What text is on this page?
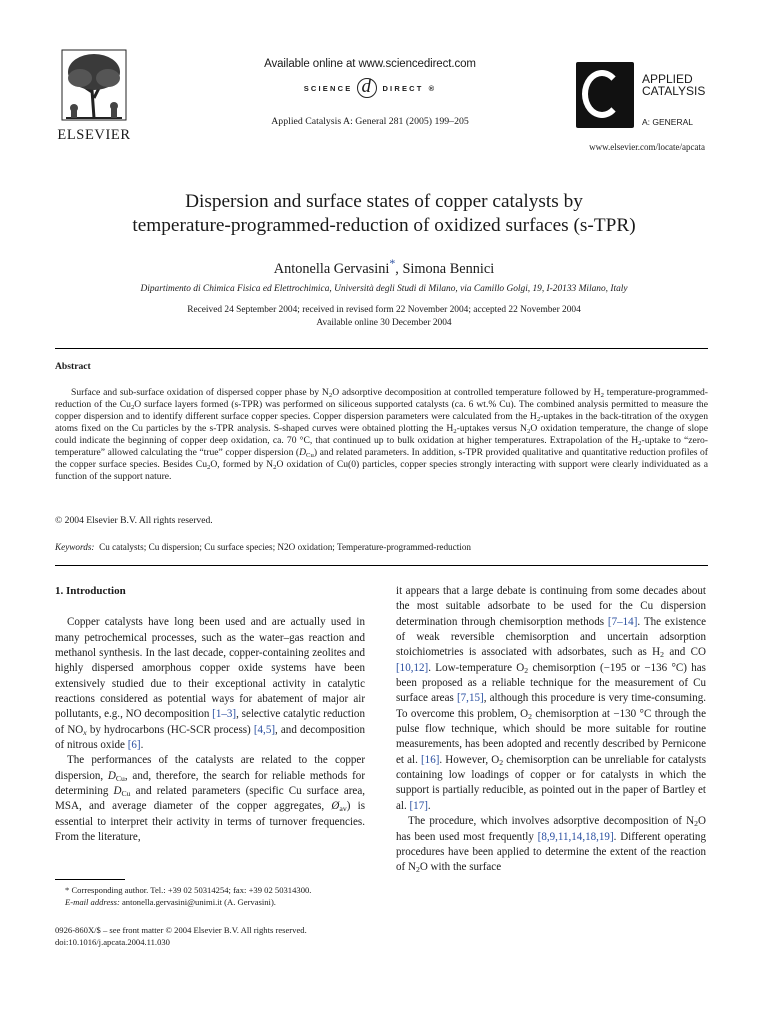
ELSEVIER
Available online at www.sciencedirect.com
SCIENCE
d	DIRECT ®
Applied Catalysis A: General 281 (2005) 199–205
APPLIED
CATALYSIS
A: GENERAL
www.elsevier.com/locate/apcata
Dispersion and surface states of copper catalysts by
temperature-programmed-reduction of oxidized surfaces (s-TPR)
Antonella Gervasini*, Simona Bennici
Dipartimento di Chimica Fisica ed Elettrochimica, Università degli Studi di Milano, via Camillo Golgi, 19, I-20133 Milano, Italy
Received 24 September 2004; received in revised form 22 November 2004; accepted 22 November 2004
Available online 30 December 2004
Abstract

Surface and sub-surface oxidation of dispersed copper phase by $N_2O$ adsorptive decomposition at controlled temperature followed by $H_2$ temperature-programmed-reduction of the $Cu_2O$ surface layers formed (s-TPR) was performed on siliceous supported catalysts (ca. 6 wt.% Cu). The combined analysis permitted to measure the copper dispersion and to identify different surface copper species. Copper dispersion parameters were calculated from the $H_2$-uptakes in the back-titration of the oxygen atoms fixed on the Cu particles by the s-TPR analysis. S-shaped curves were obtained plotting the $H_2$-uptakes versus $N_2O$ oxidation temperature, the change of slope could indicate the beginning of copper deep oxidation, ca. 70 °C, that continued up to bulk oxidation at higher temperatures. Extrapolation of the $H_2$-uptake to “zero-temperature” allowed calculating the “true” copper dispersion $(D_{Cu})$ and related parameters. In addition, s-TPR provided qualitative and quantitative reduction profiles of the copper surface species. Besides $Cu_2O$, formed by $N_2O$ oxidation of Cu(0) particles, copper species strongly interacting with support were clearly individuated as a function of the support nature.

© 2004 Elsevier B.V. All rights reserved.
Keywords: Cu catalysts; Cu dispersion; Cu surface species; N2O oxidation; Temperature-programmed-reduction
1. Introduction

Copper catalysts have long been used and are actually used in many petrochemical processes, such as the water–gas reaction and methanol synthesis. In the last decade, copper-containing zeolites and highly dispersed amorphous copper oxide systems have been extensively studied due to their exceptional activity in catalytic reactions considered as potential ways for abatement of major air pollutants, e.g., NO decomposition [1–3], selective catalytic reduction of $NO_x$ by hydrocarbons (HC-SCR process) [4,5], and decomposition of nitrous oxide [6].

The performances of the catalysts are related to the copper dispersion, $D_{Cu}$, and, therefore, the search for reliable methods for determining $D_{Cu}$ and related parameters (specific Cu surface area, MSA, and average diameter of the copper aggregates, $Ø_{av}$) is essential to interpret their activity in terms of turnover frequencies. From the literature,

it appears that a large debate is continuing from some decades about the most suitable adsorbate to be used for the Cu dispersion determination through chemisorption methods [7–14]. The existence of weak reversible chemisorption and uncertain adsorption stoichiometries is associated with adsorbates, such as $H_2$ and CO [10,12]. Low-temperature $O_2$ chemisorption (−195 or −136 °C) has been proposed as a reliable technique for the measurement of Cu surface areas [7,15], although this procedure is very time-consuming. To overcome this problem, $O_2$ chemisorption at −130 °C through the pulse flow technique, which should be more suitable for routine measurements, has been adopted and recently described by Pernicone et al. [16]. However, $O_2$ chemisorption can be unreliable for catalysts containing low loadings of copper or for catalysts in which the support is partially reducible, as pointed out in the paper of Bartley et al. [17].

The procedure, which involves adsorptive decomposition of $N_2O$ has been used most frequently [8,9,11,14,18,19]. Different operating procedures have been applied to determine the extent of the reaction of $N_2O$ with the surface

* Corresponding author. Tel.: +39 02 50314254; fax: +39 02 50314300.
E-mail address: antonella.gervasini@unimi.it (A. Gervasini).
0926-860X/$ – see front matter © 2004 Elsevier B.V. All rights reserved.
doi:10.1016/j.apcata.2004.11.030
